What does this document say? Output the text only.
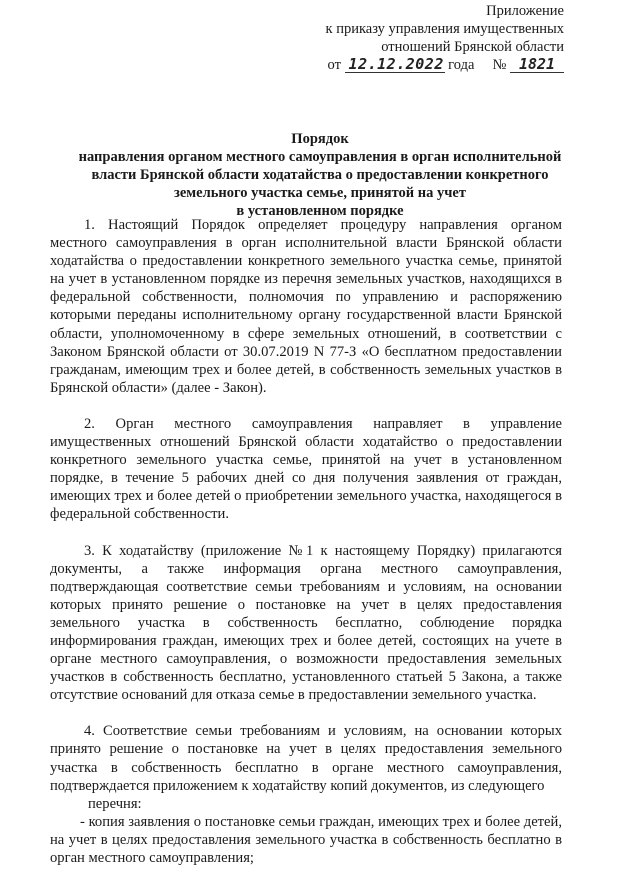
Приложение
к приказу управления имущественных
отношений Брянской области
от 12.12.2022 года № 1821
Порядок
направления органом местного самоуправления в орган исполнительной
власти Брянской области ходатайства о предоставлении конкретного
земельного участка семье, принятой на учет
в установленном порядке

1. Настоящий Порядок определяет процедуру направления органом местного самоуправления в орган исполнительной власти Брянской области ходатайства о предоставлении конкретного земельного участка семье, принятой на учет в установленном порядке из перечня земельных участков, находящихся в федеральной собственности, полномочия по управлению и распоряжению которыми переданы исполнительному органу государственной власти Брянской области, уполномоченному в сфере земельных отношений, в соответствии с Законом Брянской области от 30.07.2019 N 77-З «О бесплатном предоставлении гражданам, имеющим трех и более детей, в собственность земельных участков в Брянской области» (далее - Закон).

2. Орган местного самоуправления направляет в управление имущественных отношений Брянской области ходатайство о предоставлении конкретного земельного участка семье, принятой на учет в установленном порядке, в течение 5 рабочих дней со дня получения заявления от граждан, имеющих трех и более детей о приобретении земельного участка, находящегося в федеральной собственности.

3. К ходатайству (приложение №1 к настоящему Порядку) прилагаются документы, а также информация органа местного самоуправления, подтверждающая соответствие семьи требованиям и условиям, на основании которых принято решение о постановке на учет в целях предоставления земельного участка в собственность бесплатно, соблюдение порядка информирования граждан, имеющих трех и более детей, состоящих на учете в органе местного самоуправления, о возможности предоставления земельных участков в собственность бесплатно, установленного статьей 5 Закона, а также отсутствие оснований для отказа семье в предоставлении земельного участка.

4. Соответствие семьи требованиям и условиям, на основании которых принято решение о постановке на учет в целях предоставления земельного участка в собственность бесплатно в органе местного самоуправления, подтверждается приложением к ходатайству копий документов, из следующего

перечня:

- копия заявления о постановке семьи граждан, имеющих трех и более детей, на учет в целях предоставления земельного участка в собственность бесплатно в орган местного самоуправления;
